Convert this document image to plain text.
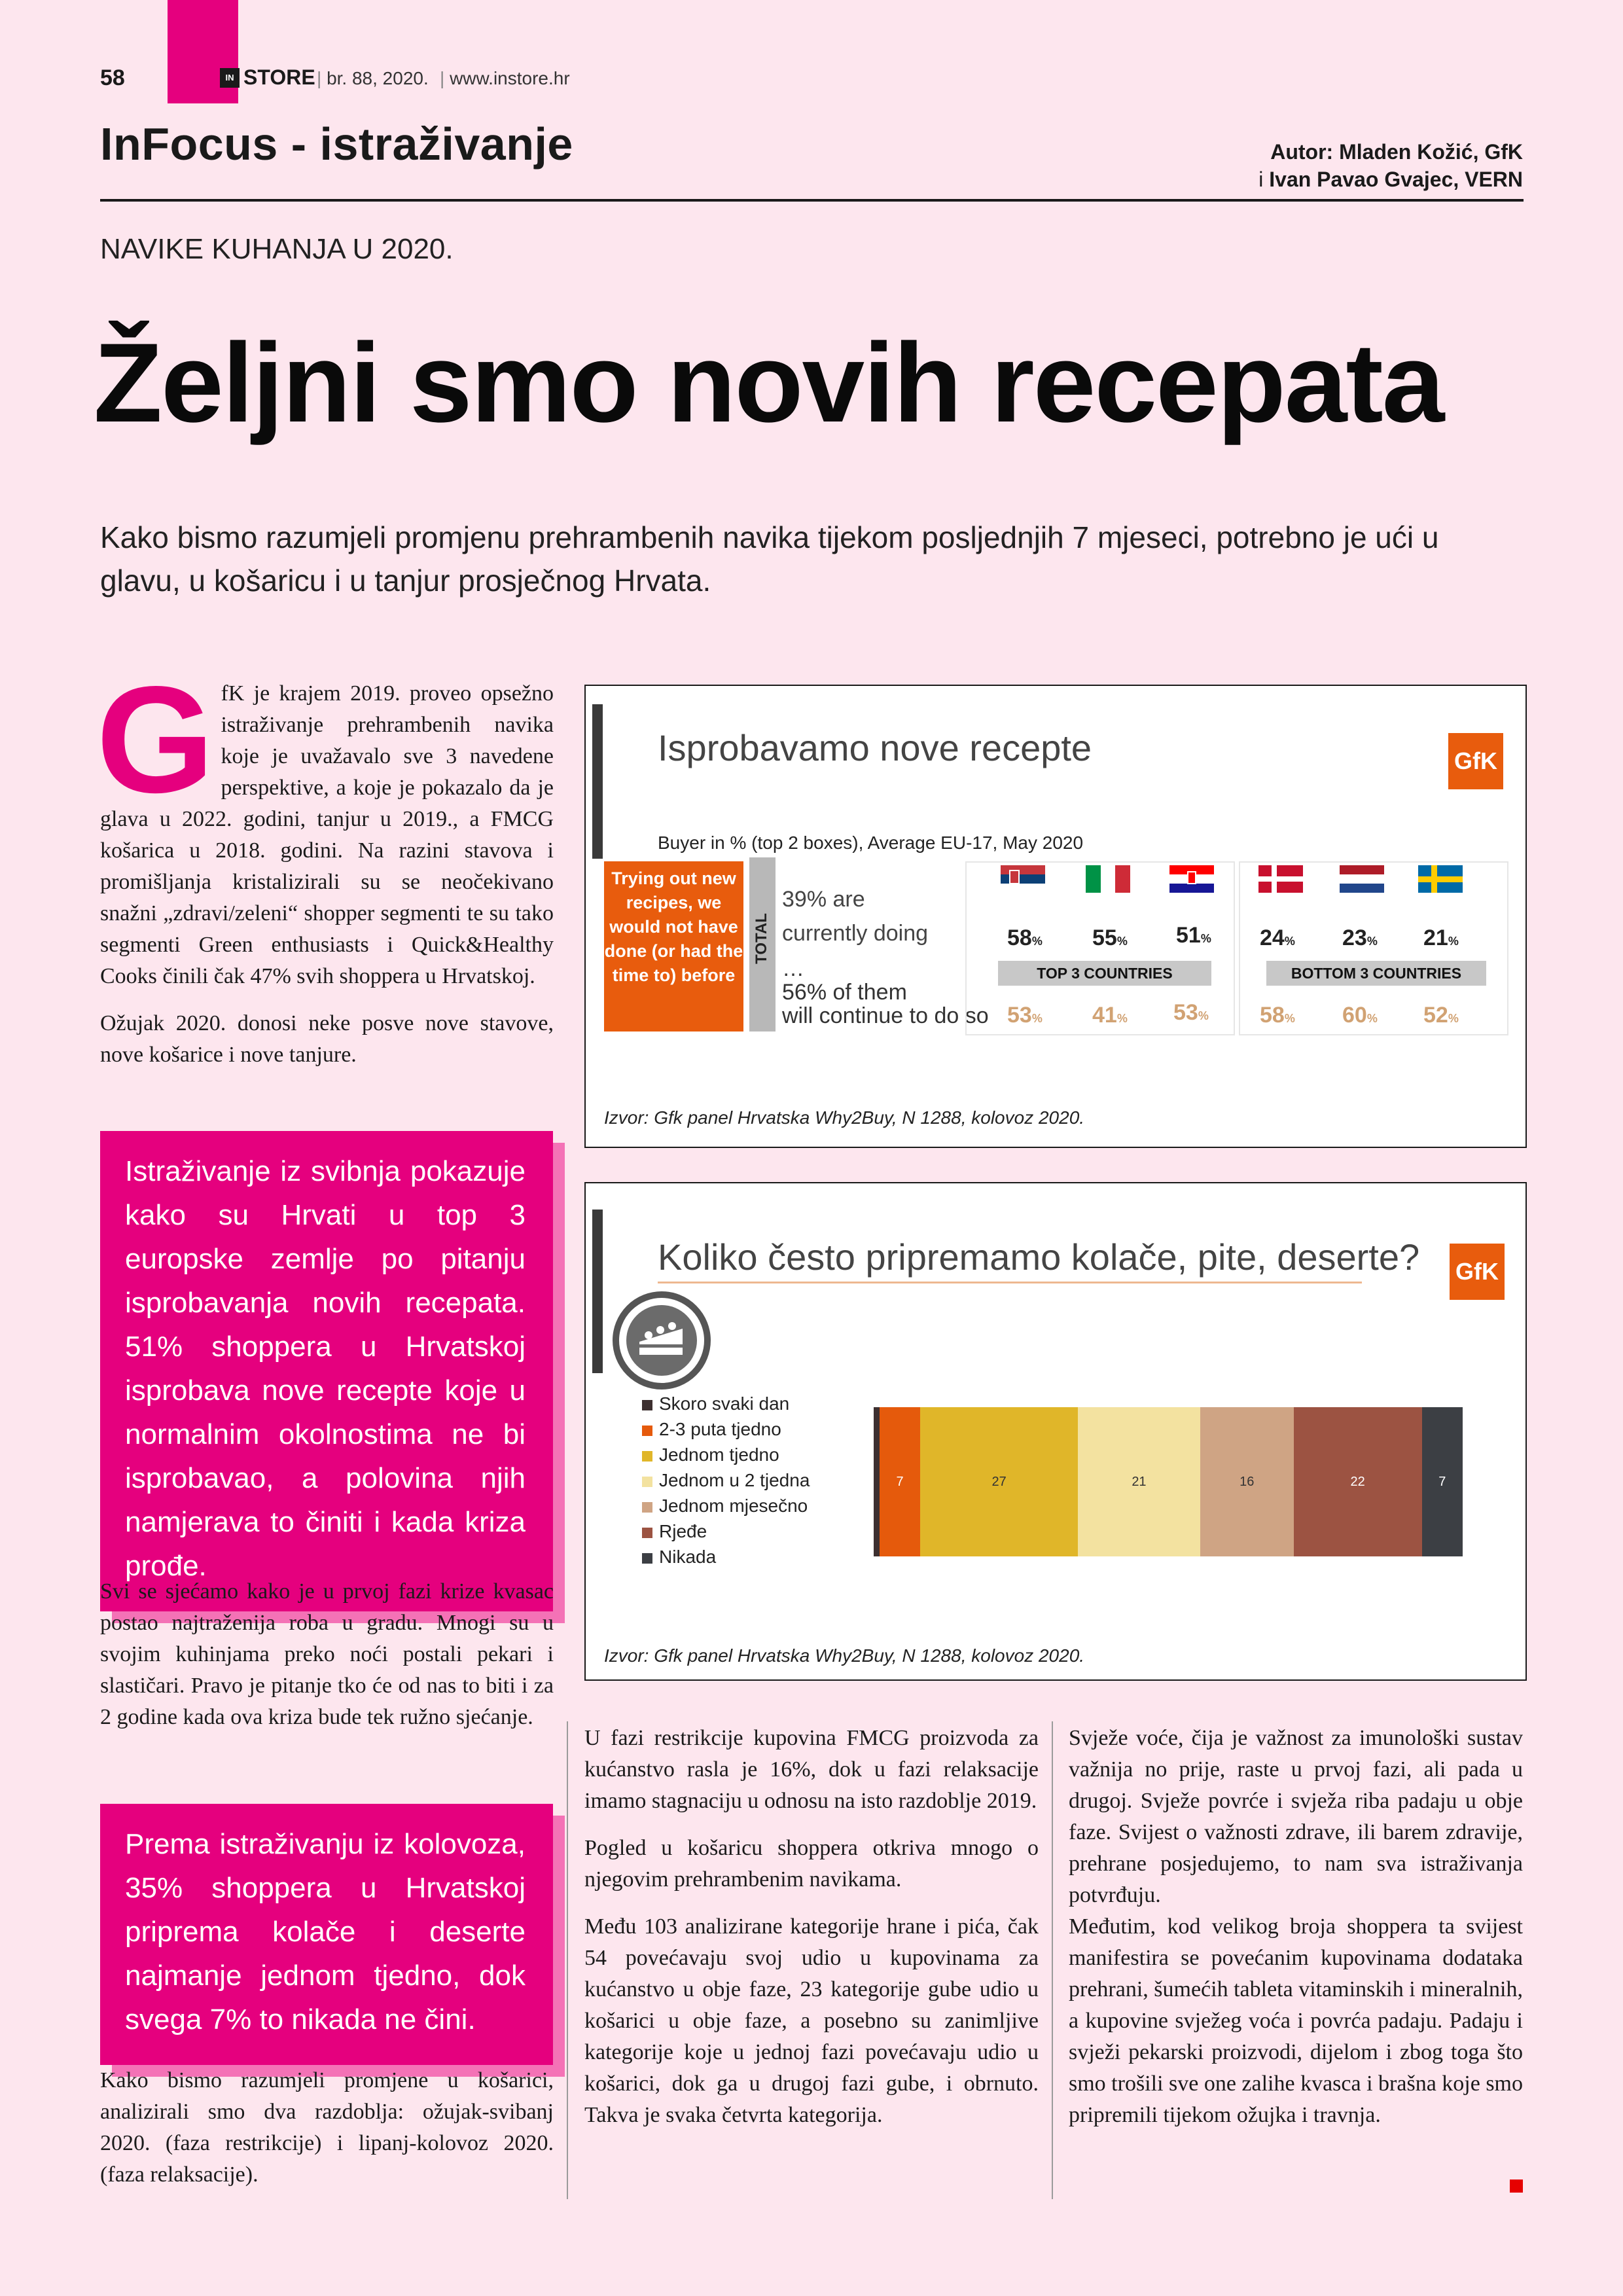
58	IN STORE | br. 88, 2020. | www.instore.hr
InFocus - istraživanje	Autor: Mladen Kožić, GfK
i Ivan Pavao Gvajec, VERN
NAVIKE KUHANJA U 2020.
Željni smo novih recepata
Kako bismo razumjeli promjenu prehrambenih navika tijekom posljednjih 7 mjeseci, potrebno je ući u glavu, u košaricu i u tanjur prosječnog Hrvata.
G fK je krajem 2019. proveo opsežno istraživanje prehrambenih navika koje je uvažavalo sve 3 navedene perspektive, a koje je pokazalo da je glava u 2022. godini, tanjur u 2019., a FMCG košarica u 2018. godini. Na razini stavova i promišljanja kristalizirali su se neočekivano snažni „zdravi/zeleni“ shopper segmenti te su tako segmenti Green enthusiasts i Quick&Healthy Cooks činili čak 47% svih shoppera u Hrvatskoj.

Ožujak 2020. donosi neke posve nove stavove, nove košarice i nove tanjure.

Istraživanje iz svibnja pokazuje kako su Hrvati u top 3 europske zemlje po pitanju isprobavanja novih recepata. 51% shoppera u Hrvatskoj isprobava nove recepte koje u normalnim okolnostima ne bi isprobavao, a polovina njih namjerava to činiti i kada kriza prođe.

Svi se sjećamo kako je u prvoj fazi krize kvasac postao najtraženija roba u gradu. Mnogi su u svojim kuhinjama preko noći postali pekari i slastičari. Pravo je pitanje tko će od nas to biti i za 2 godine kada ova kriza bude tek ružno sjećanje.

Prema istraživanju iz kolovoza, 35% shoppera u Hrvatskoj priprema kolače i deserte najmanje jednom tjedno, dok svega 7% to nikada ne čini.

Kako bismo razumjeli promjene u košarici, analizirali smo dva razdoblja: ožujak-svibanj 2020. (faza restrikcije) i lipanj-kolovoz 2020. (faza relaksacije).

Isprobavamo nove recepte	GfK
Buyer in % (top 2 boxes), Average EU-17, May 2020
Trying out new recipes, we would not have done (or had the time to) before
TOTAL
39% are
currently doing
…
56% of them
will continue to do so
58% 55% 51% 24% 23% 21%
TOP 3 COUNTRIES	BOTTOM 3 COUNTRIES
53% 41% 53% 58% 60% 52%
Izvor: Gfk panel Hrvatska Why2Buy, N 1288, kolovoz 2020.
Koliko često pripremamo kolače, pite, deserte? GfK
Izvor: Gfk panel Hrvatska Why2Buy, N 1288, kolovoz 2020.
Skoro svaki dan
2-3 puta tjedno
Jednom tjedno
Jednom u 2 tjedna
Jednom mjesečno
Rjeđe
Nikada
7	27	21	16	22	7

U fazi restrikcije kupovina FMCG proizvoda za kućanstvo rasla je 16%, dok u fazi relaksacije imamo stagnaciju u odnosu na isto razdoblje 2019.

Pogled u košaricu shoppera otkriva mnogo o njegovim prehrambenim navikama.

Među 103 analizirane kategorije hrane i pića, čak 54 povećavaju svoj udio u kupovinama za kućanstvo u obje faze, 23 kategorije gube udio u košarici u obje faze, a posebno su zanimljive kategorije koje u jednoj fazi povećavaju udio u košarici, dok ga u drugoj fazi gube, i obrnuto. Takva je svaka četvrta kategorija.

Svježe voće, čija je važnost za imunološki sustav važnija no prije, raste u prvoj fazi, ali pada u drugoj. Svježe povrće i svježa riba padaju u obje faze. Svijest o važnosti zdrave, ili barem zdravije, prehrane posjedujemo, to nam sva istraživanja potvrđuju.

Međutim, kod velikog broja shoppera ta svijest manifestira se povećanim kupovinama dodataka prehrani, šumećih tableta vitaminskih i mineralnih, a kupovine svježeg voća i povrća padaju. Padaju i svježi pekarski proizvodi, dijelom i zbog toga što smo trošili sve one zalihe kvasca i brašna koje smo pripremili tijekom ožujka i travnja.
